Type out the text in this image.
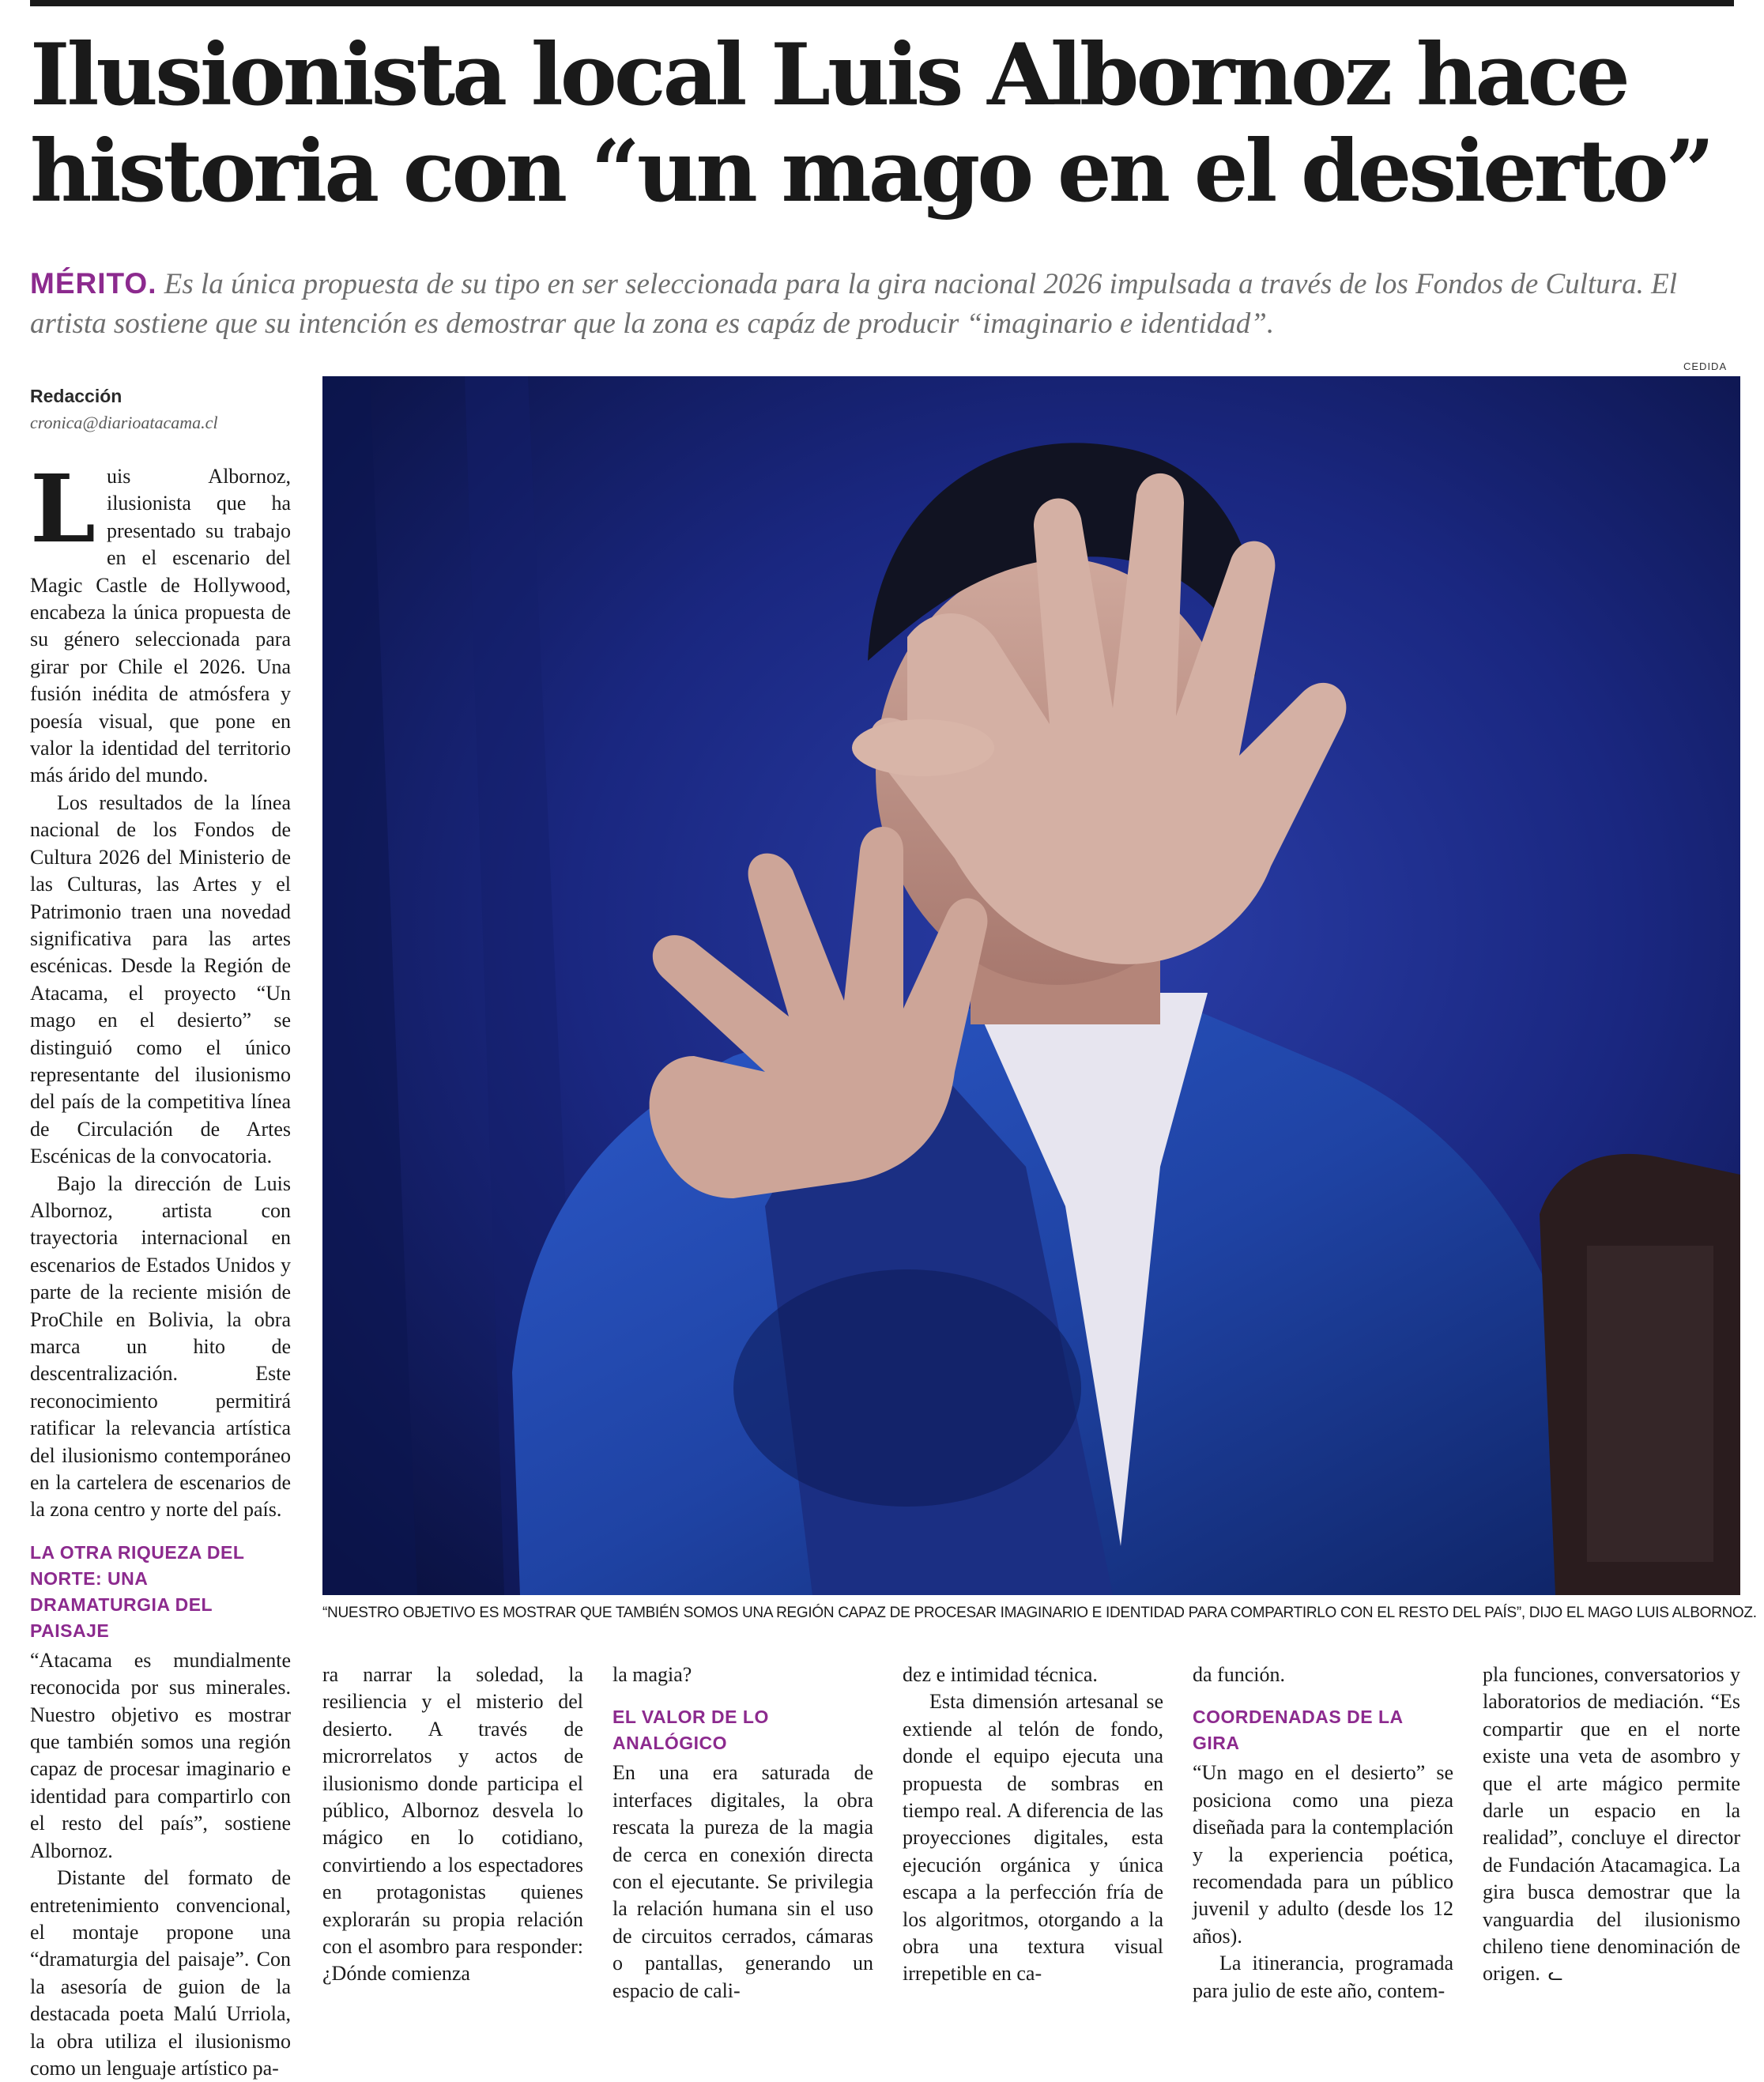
Ilusionista local Luis Albornoz hace
historia con “un mago en el desierto”
MÉRITO. Es la única propuesta de su tipo en ser seleccionada para la gira nacional 2026 impulsada a través de los Fondos de Cultura. El artista sostiene que su intención es demostrar que la zona es capáz de producir “imaginario e identidad”.
Redacción
cronica@diarioatacama.cl
CEDIDA
“NUESTRO OBJETIVO ES MOSTRAR QUE TAMBIÉN SOMOS UNA REGIÓN CAPAZ DE PROCESAR IMAGINARIO E IDENTIDAD PARA COMPARTIRLO CON EL RESTO DEL PAÍS”, DIJO EL MAGO LUIS ALBORNOZ.

Luis Albornoz, ilusionista que ha presentado su trabajo en el escenario del Magic Castle de Hollywood, encabeza la única propuesta de su género seleccionada para girar por Chile el 2026. Una fusión inédita de atmósfera y poesía visual, que pone en valor la identidad del territorio más árido del mundo.

Los resultados de la línea nacional de los Fondos de Cultura 2026 del Ministerio de las Culturas, las Artes y el Patrimonio traen una novedad significativa para las artes escénicas. Desde la Región de Atacama, el proyecto “Un mago en el desierto” se distinguió como el único representante del ilusionismo del país de la competitiva línea de Circulación de Artes Escénicas de la convocatoria.

Bajo la dirección de Luis Albornoz, artista con trayectoria internacional en escenarios de Estados Unidos y parte de la reciente misión de ProChile en Bolivia, la obra marca un hito de descentralización. Este reconocimiento permitirá ratificar la relevancia artística del ilusionismo contemporáneo en la cartelera de escenarios de la zona centro y norte del país.

LA OTRA RIQUEZA DEL NORTE: UNA DRAMATURGIA DEL PAISAJE

“Atacama es mundialmente reconocida por sus minerales. Nuestro objetivo es mostrar que también somos una región capaz de procesar imaginario e identidad para compartirlo con el resto del país”, sostiene Albornoz.

Distante del formato de entretenimiento convencional, el montaje propone una “dramaturgia del paisaje”. Con la asesoría de guion de la destacada poeta Malú Urriola, la obra utiliza el ilusionismo como un lenguaje artístico pa-

ra narrar la soledad, la resiliencia y el misterio del desierto. A través de microrrelatos y actos de ilusionismo donde participa el público, Albornoz desvela lo mágico en lo cotidiano, convirtiendo a los espectadores en protagonistas quienes explorarán su propia relación con el asombro para responder: ¿Dónde comienza

la magia?

EL VALOR DE LO ANALÓGICO

En una era saturada de interfaces digitales, la obra rescata la pureza de la magia de cerca en conexión directa con el ejecutante. Se privilegia la relación humana sin el uso de circuitos cerrados, cámaras o pantallas, generando un espacio de cali-

dez e intimidad técnica.

Esta dimensión artesanal se extiende al telón de fondo, donde el equipo ejecuta una propuesta de sombras en tiempo real. A diferencia de las proyecciones digitales, esta ejecución orgánica y única escapa a la perfección fría de los algoritmos, otorgando a la obra una textura visual irrepetible en ca-

da función.

COORDENADAS DE LA GIRA

“Un mago en el desierto” se posiciona como una pieza diseñada para la contemplación y la experiencia poética, recomendada para un público juvenil y adulto (desde los 12 años).

La itinerancia, programada para julio de este año, contem-

pla funciones, conversatorios y laboratorios de mediación. “Es compartir que en el norte existe una veta de asombro y que el arte mágico permite darle un espacio en la realidad”, concluye el director de Fundación Atacamagica. La gira busca demostrar que la vanguardia del ilusionismo chileno tiene denominación de origen. ᓚ
